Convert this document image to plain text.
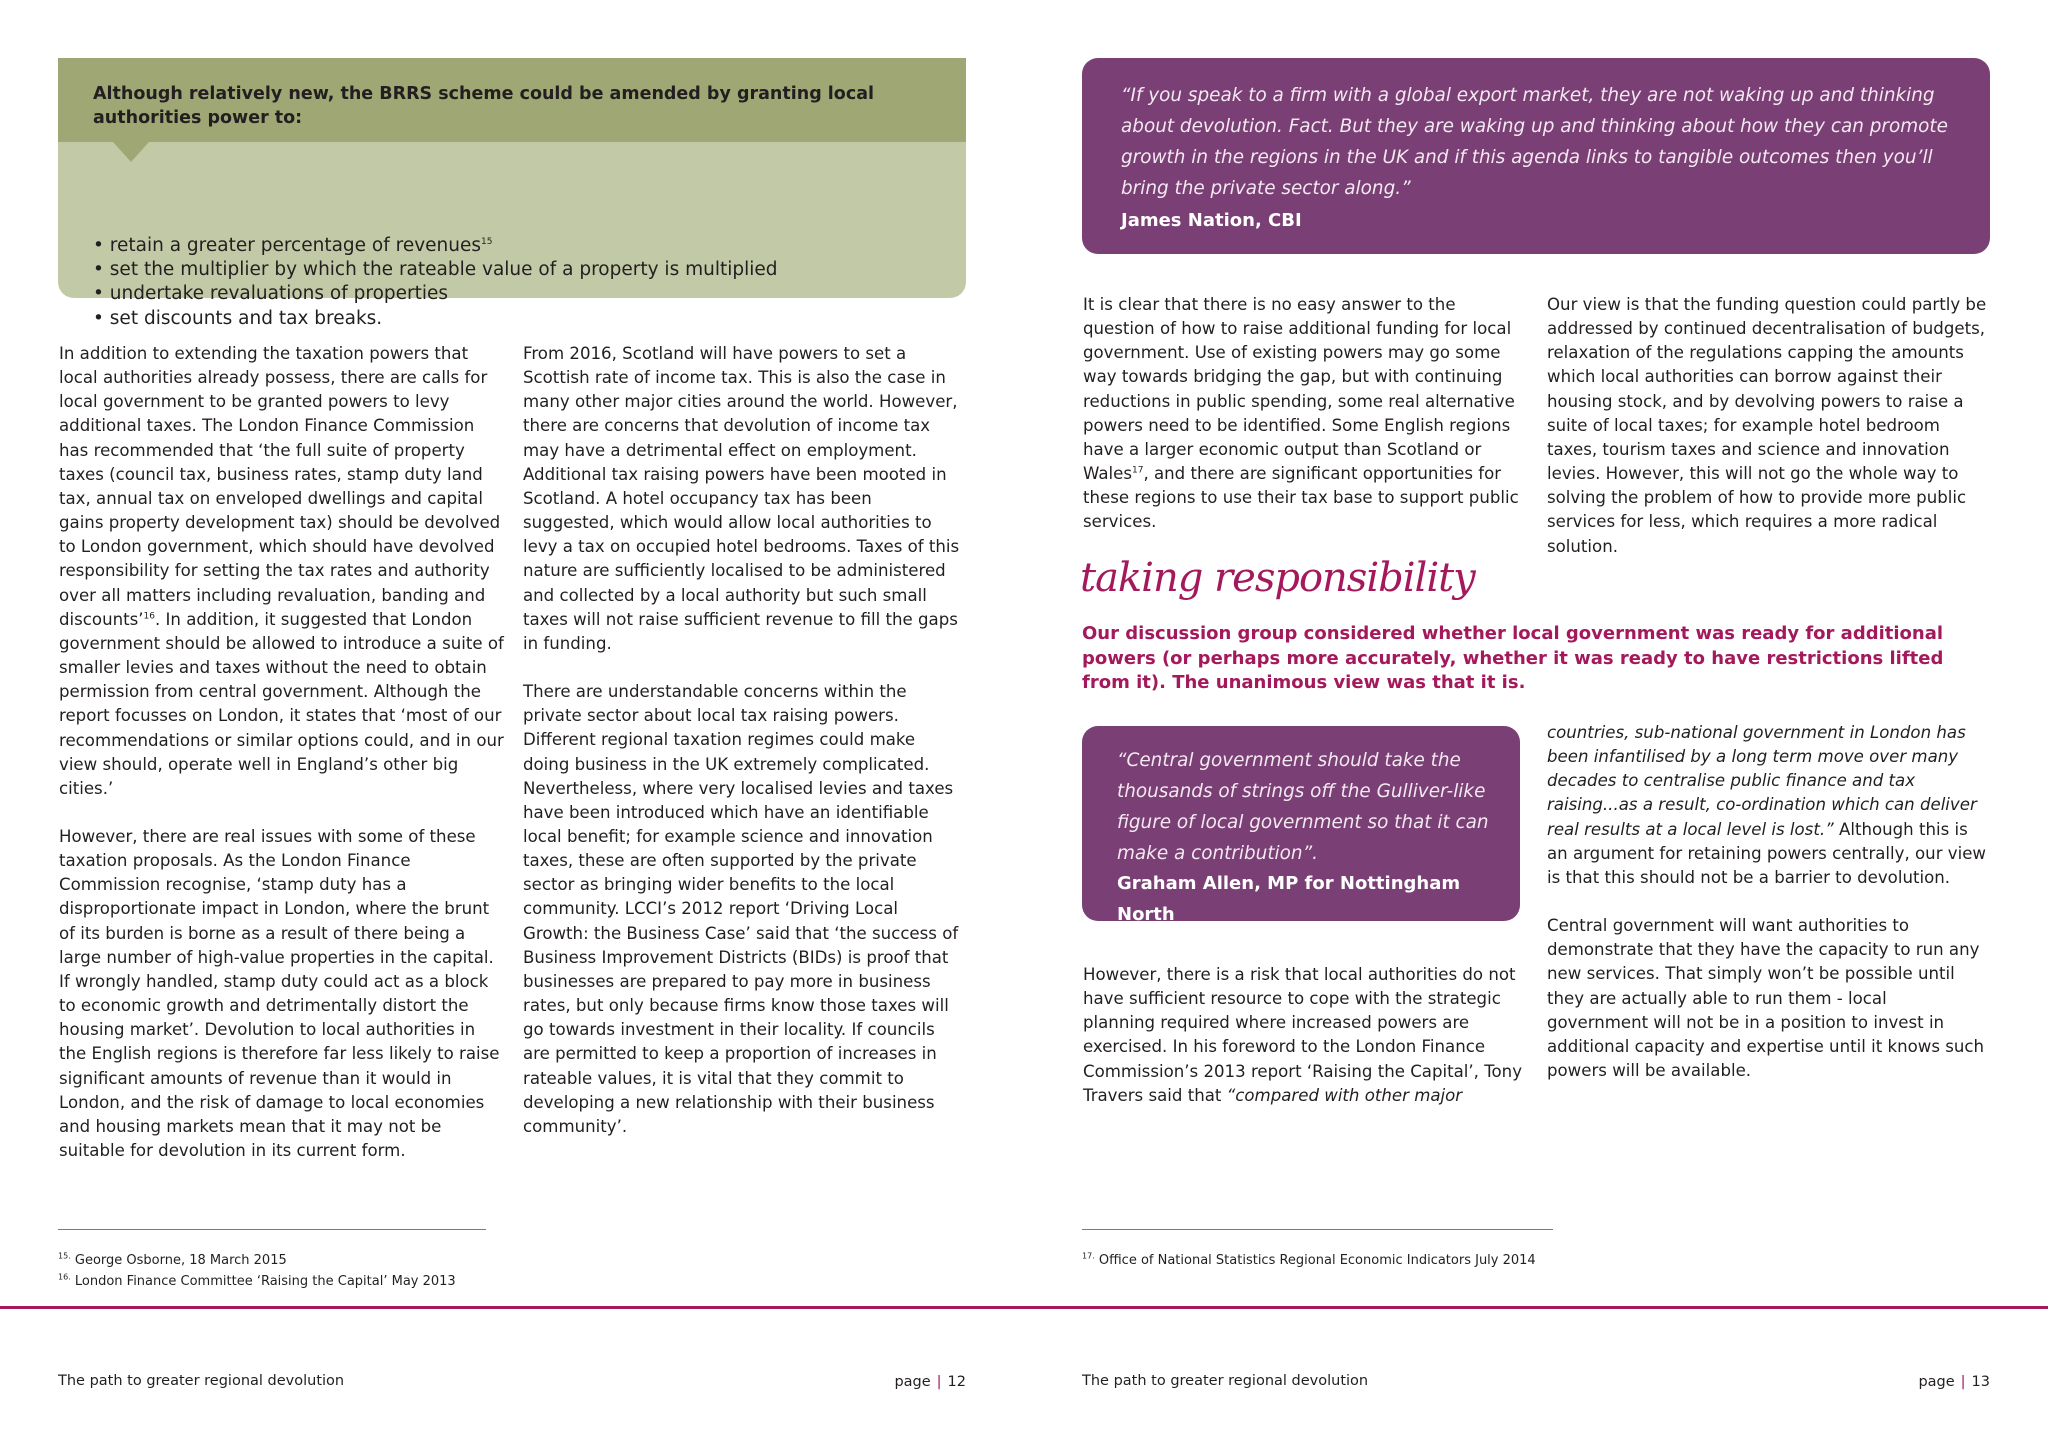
Although relatively new, the BRRS scheme could be amended by granting local authorities power to:
• retain a greater percentage of revenues$^{15}$
• set the multiplier by which the rateable value of a property is multiplied
• undertake revaluations of properties
• set discounts and tax breaks.

In addition to extending the taxation powers that local authorities already possess, there are calls for local government to be granted powers to levy additional taxes. The London Finance Commission has recommended that ‘the full suite of property taxes (council tax, business rates, stamp duty land tax, annual tax on enveloped dwellings and capital gains property development tax) should be devolved to London government, which should have devolved responsibility for setting the tax rates and authority over all matters including revaluation, banding and discounts’$^{16}$. In addition, it suggested that London government should be allowed to introduce a suite of smaller levies and taxes without the need to obtain permission from central government. Although the report focusses on London, it states that ‘most of our recommendations or similar options could, and in our view should, operate well in England’s other big cities.’

However, there are real issues with some of these taxation proposals. As the London Finance Commission recognise, ‘stamp duty has a disproportionate impact in London, where the brunt of its burden is borne as a result of there being a large number of high-value properties in the capital. If wrongly handled, stamp duty could act as a block to economic growth and detrimentally distort the housing market’. Devolution to local authorities in the English regions is therefore far less likely to raise significant amounts of revenue than it would in London, and the risk of damage to local economies and housing markets mean that it may not be suitable for devolution in its current form.

From 2016, Scotland will have powers to set a Scottish rate of income tax. This is also the case in many other major cities around the world. However, there are concerns that devolution of income tax may have a detrimental effect on employment. Additional tax raising powers have been mooted in Scotland. A hotel occupancy tax has been suggested, which would allow local authorities to levy a tax on occupied hotel bedrooms. Taxes of this nature are sufficiently localised to be administered and collected by a local authority but such small taxes will not raise sufficient revenue to fill the gaps in funding.

There are understandable concerns within the private sector about local tax raising powers. Different regional taxation regimes could make doing business in the UK extremely complicated. Nevertheless, where very localised levies and taxes have been introduced which have an identifiable local benefit; for example science and innovation taxes, these are often supported by the private sector as bringing wider benefits to the local community. LCCI’s 2012 report ‘Driving Local Growth: the Business Case’ said that ‘the success of Business Improvement Districts (BIDs) is proof that businesses are prepared to pay more in business rates, but only because firms know those taxes will go towards investment in their locality. If councils are permitted to keep a proportion of increases in rateable values, it is vital that they commit to developing a new relationship with their business community’.

$^{15.}$ George Osborne, 18 March 2015
$^{16.}$ London Finance Committee ‘Raising the Capital’ May 2013
The path to greater regional devolution	page | 12
“If you speak to a firm with a global export market, they are not waking up and thinking about devolution. Fact. But they are waking up and thinking about how they can promote growth in the regions in the UK and if this agenda links to tangible outcomes then you’ll bring the private sector along.”
James Nation, CBI

It is clear that there is no easy answer to the question of how to raise additional funding for local government. Use of existing powers may go some way towards bridging the gap, but with continuing reductions in public spending, some real alternative powers need to be identified. Some English regions have a larger economic output than Scotland or Wales$^{17}$, and there are significant opportunities for these regions to use their tax base to support public services.

Our view is that the funding question could partly be addressed by continued decentralisation of budgets, relaxation of the regulations capping the amounts which local authorities can borrow against their housing stock, and by devolving powers to raise a suite of local taxes; for example hotel bedroom taxes, tourism taxes and science and innovation levies. However, this will not go the whole way to solving the problem of how to provide more public services for less, which requires a more radical solution.

taking responsibility
Our discussion group considered whether local government was ready for additional powers (or perhaps more accurately, whether it was ready to have restrictions lifted from it). The unanimous view was that it is.
“Central government should take the thousands of strings off the Gulliver-like figure of local government so that it can make a contribution”.
Graham Allen, MP for Nottingham North

However, there is a risk that local authorities do not have sufficient resource to cope with the strategic planning required where increased powers are exercised. In his foreword to the London Finance Commission’s 2013 report ‘Raising the Capital’, Tony Travers said that “compared with other major

countries, sub-national government in London has been infantilised by a long term move over many decades to centralise public finance and tax raising...as a result, co-ordination which can deliver real results at a local level is lost.” Although this is an argument for retaining powers centrally, our view is that this should not be a barrier to devolution.

Central government will want authorities to demonstrate that they have the capacity to run any new services. That simply won’t be possible until they are actually able to run them - local government will not be in a position to invest in additional capacity and expertise until it knows such powers will be available.

$^{17.}$ Office of National Statistics Regional Economic Indicators July 2014
The path to greater regional devolution	page | 13
